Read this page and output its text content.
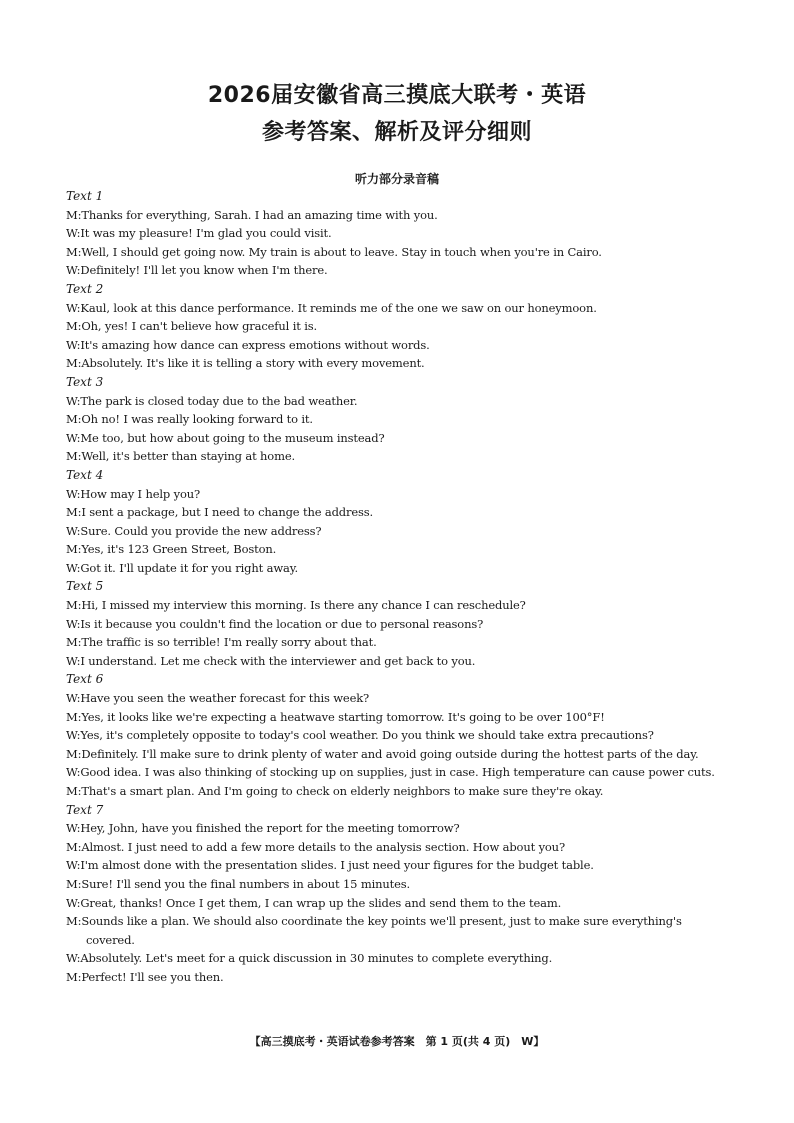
2026届安徽省高三摸底大联考・英语
参考答案、解析及评分细则
听力部分录音稿
Text 1
M:Thanks for everything, Sarah. I had an amazing time with you.
W:It was my pleasure! I'm glad you could visit.
M:Well, I should get going now. My train is about to leave. Stay in touch when you're in Cairo.
W:Definitely! I'll let you know when I'm there.
Text 2
W:Kaul, look at this dance performance. It reminds me of the one we saw on our honeymoon.
M:Oh, yes! I can't believe how graceful it is.
W:It's amazing how dance can express emotions without words.
M:Absolutely. It's like it is telling a story with every movement.
Text 3
W:The park is closed today due to the bad weather.
M:Oh no! I was really looking forward to it.
W:Me too, but how about going to the museum instead?
M:Well, it's better than staying at home.
Text 4
W:How may I help you?
M:I sent a package, but I need to change the address.
W:Sure. Could you provide the new address?
M:Yes, it's 123 Green Street, Boston.
W:Got it. I'll update it for you right away.
Text 5
M:Hi, I missed my interview this morning. Is there any chance I can reschedule?
W:Is it because you couldn't find the location or due to personal reasons?
M:The traffic is so terrible! I'm really sorry about that.
W:I understand. Let me check with the interviewer and get back to you.
Text 6
W:Have you seen the weather forecast for this week?
M:Yes, it looks like we're expecting a heatwave starting tomorrow. It's going to be over 100°F!
W:Yes, it's completely opposite to today's cool weather. Do you think we should take extra precautions?
M:Definitely. I'll make sure to drink plenty of water and avoid going outside during the hottest parts of the day.
W:Good idea. I was also thinking of stocking up on supplies, just in case. High temperature can cause power cuts.
M:That's a smart plan. And I'm going to check on elderly neighbors to make sure they're okay.
Text 7
W:Hey, John, have you finished the report for the meeting tomorrow?
M:Almost. I just need to add a few more details to the analysis section. How about you?
W:I'm almost done with the presentation slides. I just need your figures for the budget table.
M:Sure! I'll send you the final numbers in about 15 minutes.
W:Great, thanks! Once I get them, I can wrap up the slides and send them to the team.
M:Sounds like a plan. We should also coordinate the key points we'll present, just to make sure everything's covered.
W:Absolutely. Let's meet for a quick discussion in 30 minutes to complete everything.
M:Perfect! I'll see you then.
【高三摸底考・英语试卷参考答案　第 1 页(共 4 页)　W】
